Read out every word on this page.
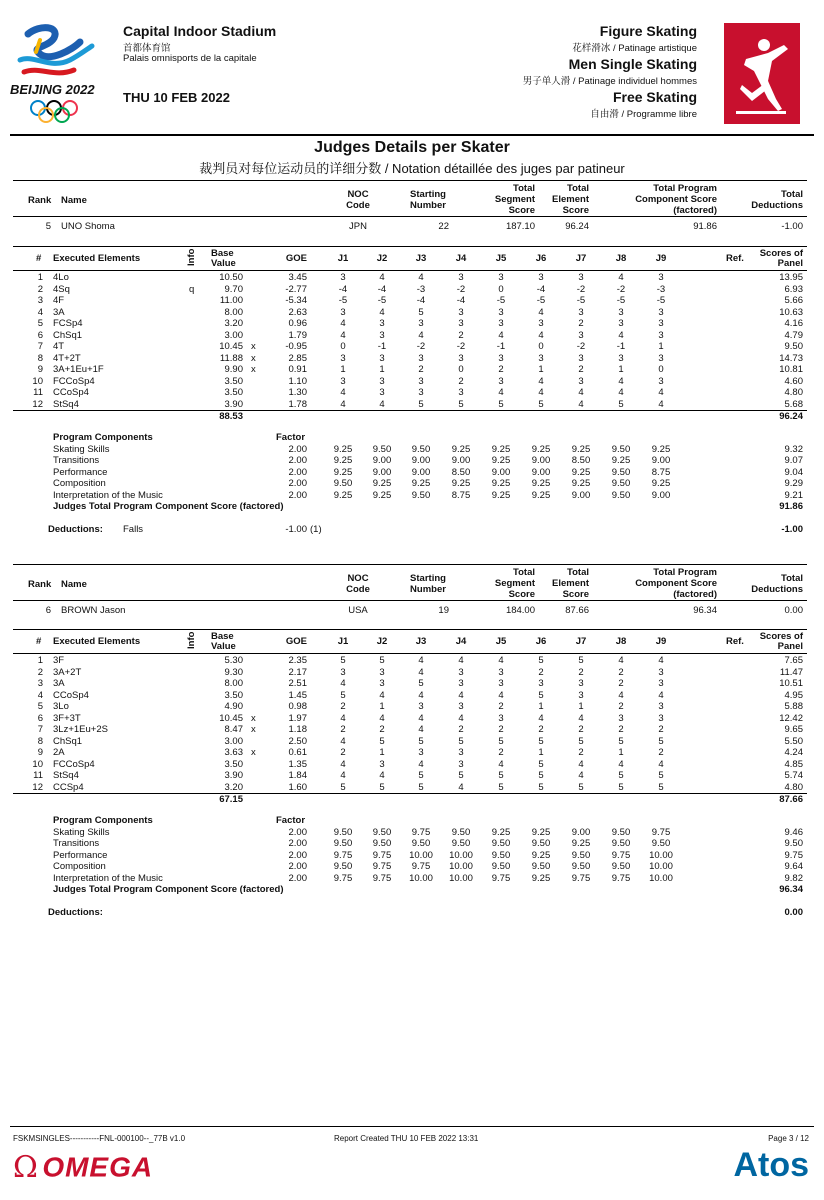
BEIJING 2022
Capital Indoor Stadium
首都体育馆
Palais omnisports de la capitale
THU 10 FEB 2022
Figure Skating
花样滑冰 / Patinage artistique
Men Single Skating
男子单人滑 / Patinage individuel hommes
Free Skating
自由滑 / Programme libre
Judges Details per Skater
裁判员对每位运动员的详细分数 / Notation détaillée des juges par patineur
Rank Name
NOC
Code
Starting
Number
Total
Segment
Score
Total
Element
Score
Total Program
Component Score
(factored)
Total
Deductions
5 UNO Shoma	JPN	22	187.10	96.24	91.86	-1.00
# Executed Elements	Info Base
Value	GOE	J1	J2	J3	J4	J5	J6	J7	J8	J9	Ref.	Scores of
Panel
1 4Lo	10.50	3.45	3	4	4	3	3	3	3	4	3	13.95
2 4Sq	q	9.70	-2.77	-4	-4	-3	-2	0	-4	-2	-2	-3	6.93
3 4F	11.00	-5.34	-5	-5	-4	-4	-5	-5	-5	-5	-5	5.66
4 3A	8.00	2.63	3	4	5	3	3	4	3	3	3	10.63
5 FCSp4	3.20	0.96	4	3	3	3	3	3	2	3	3	4.16
6 ChSq1	3.00	1.79	4	3	4	2	4	4	3	4	3	4.79
7 4T	10.45 x	-0.95	0	-1	-2	-2	-1	0	-2	-1	1	9.50
8 4T+2T	11.88 x	2.85	3	3	3	3	3	3	3	3	3	14.73
9 3A+1Eu+1F	9.90 x	0.91	1	1	2	0	2	1	2	1	0	10.81
10 FCCoSp4	3.50	1.10	3	3	3	2	3	4	3	4	3	4.60
11 CCoSp4	3.50	1.30	4	3	3	3	4	4	4	4	4	4.80
12 StSq4	3.90	1.78	4	4	5	5	5	5	4	5	4	5.68
88.53	96.24
Program Components	Factor
Skating Skills	2.00	9.25	9.50	9.50	9.25	9.25	9.25	9.25	9.50	9.25	9.32
Transitions	2.00	9.25	9.00	9.00	9.00	9.25	9.00	8.50	9.25	9.00	9.07
Performance	2.00	9.25	9.00	9.00	8.50	9.00	9.00	9.25	9.50	8.75	9.04
Composition	2.00	9.50	9.25	9.25	9.25	9.25	9.25	9.25	9.50	9.25	9.29
Interpretation of the Music	2.00	9.25	9.25	9.50	8.75	9.25	9.25	9.00	9.50	9.00	9.21
Judges Total Program Component Score (factored)	91.86
Deductions: Falls	-1.00 (1)	-1.00
Rank Name
NOC
Code
Starting
Number
Total
Segment
Score
Total
Element
Score
Total Program
Component Score
(factored)
Total
Deductions
6 BROWN Jason	USA	19	184.00	87.66	96.34	0.00
# Executed Elements	Info Base
Value	GOE	J1	J2	J3	J4	J5	J6	J7	J8	J9	Ref.	Scores of
Panel
1 3F	5.30	2.35	5	5	4	4	4	5	5	4	4	7.65
2 3A+2T	9.30	2.17	3	3	4	3	3	2	2	2	3	11.47
3 3A	8.00	2.51	4	3	5	3	3	3	3	2	3	10.51
4 CCoSp4	3.50	1.45	5	4	4	4	4	5	3	4	4	4.95
5 3Lo	4.90	0.98	2	1	3	3	2	1	1	2	3	5.88
6 3F+3T	10.45 x	1.97	4	4	4	4	3	4	4	3	3	12.42
7 3Lz+1Eu+2S	8.47 x	1.18	2	2	4	2	2	2	2	2	2	9.65
8 ChSq1	3.00	2.50	4	5	5	5	5	5	5	5	5	5.50
9 2A	3.63 x	0.61	2	1	3	3	2	1	2	1	2	4.24
10 FCCoSp4	3.50	1.35	4	3	4	3	4	5	4	4	4	4.85
11 StSq4	3.90	1.84	4	4	5	5	5	5	4	5	5	5.74
12 CCSp4	3.20	1.60	5	5	5	4	5	5	5	5	5	4.80
67.15	87.66
Program Components	Factor
Skating Skills	2.00	9.50	9.50	9.75	9.50	9.25	9.25	9.00	9.50	9.75	9.46
Transitions	2.00	9.50	9.50	9.50	9.50	9.50	9.50	9.25	9.50	9.50	9.50
Performance	2.00	9.75	9.75	10.00	10.00	9.50	9.25	9.50	9.75	10.00	9.75
Composition	2.00	9.50	9.75	9.75	10.00	9.50	9.50	9.50	9.50	10.00	9.64
Interpretation of the Music	2.00	9.75	9.75	10.00	10.00	9.75	9.25	9.75	9.75	10.00	9.82
Judges Total Program Component Score (factored)	96.34
Deductions:	0.00
FSKMSINGLES-----------FNL-000100--_77B v1.0	Report Created THU 10 FEB 2022 13:31	Page 3 / 12
Ω OMEGA	Atos
